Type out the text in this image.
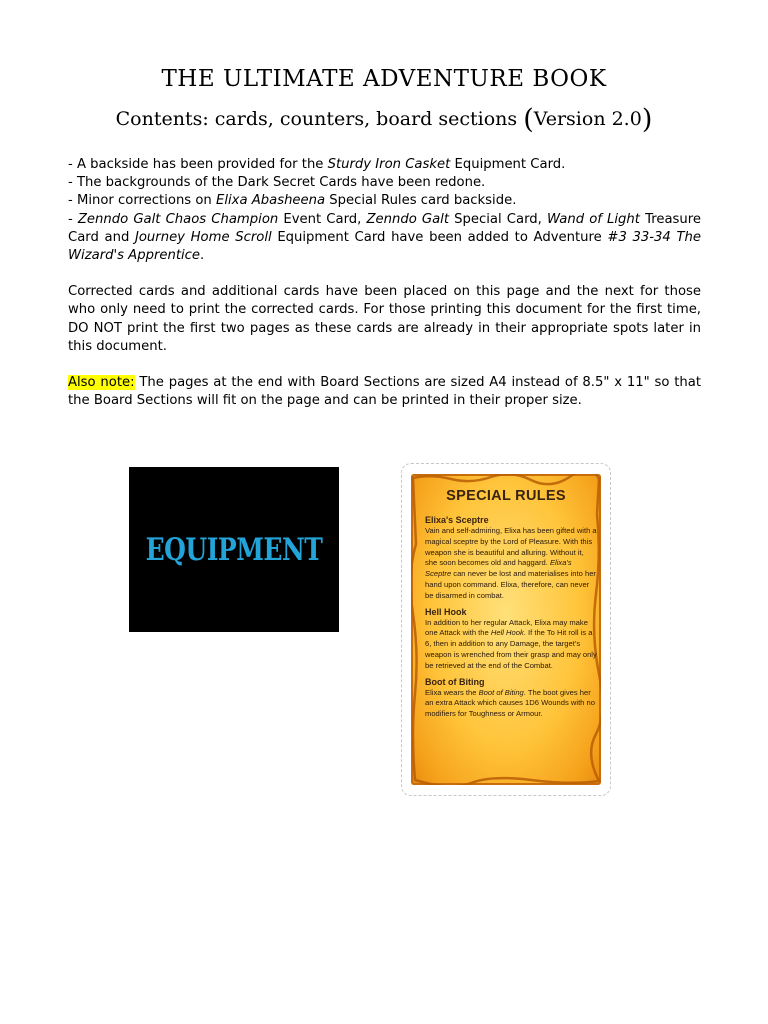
THE ULTIMATE ADVENTURE BOOK
Contents: cards, counters, board sections (Version 2.0)

- A backside has been provided for the Sturdy Iron Casket Equipment Card.

- The backgrounds of the Dark Secret Cards have been redone.

- Minor corrections on Elixa Abasheena Special Rules card backside.

- Zenndo Galt Chaos Champion Event Card, Zenndo Galt Special Card, Wand of Light Treasure Card and Journey Home Scroll Equipment Card have been added to Adventure #3 33-34 The Wizard's Apprentice.

Corrected cards and additional cards have been placed on this page and the next for those who only need to print the corrected cards. For those printing this document for the first time, DO NOT print the first two pages as these cards are already in their appropriate spots later in this document.

Also note: The pages at the end with Board Sections are sized A4 instead of 8.5" x 11" so that the Board Sections will fit on the page and can be printed in their proper size.

EQUIPMENT
SPECIAL RULES
Elixa's Sceptre
Vain and self-admiring, Elixa has been gifted with a magical sceptre by the Lord of Pleasure. With this weapon she is beautiful and alluring. Without it, she soon becomes old and haggard. Elixa's Sceptre can never be lost and materialises into her hand upon command. Elixa, therefore, can never be disarmed in combat.
Hell Hook
In addition to her regular Attack, Elixa may make one Attack with the Hell Hook. If the To Hit roll is a 6, then in addition to any Damage, the target's weapon is wrenched from their grasp and may only be retrieved at the end of the Combat.
Boot of Biting
Elixa wears the Boot of Biting. The boot gives her an extra Attack which causes 1D6 Wounds with no modifiers for Toughness or Armour.
